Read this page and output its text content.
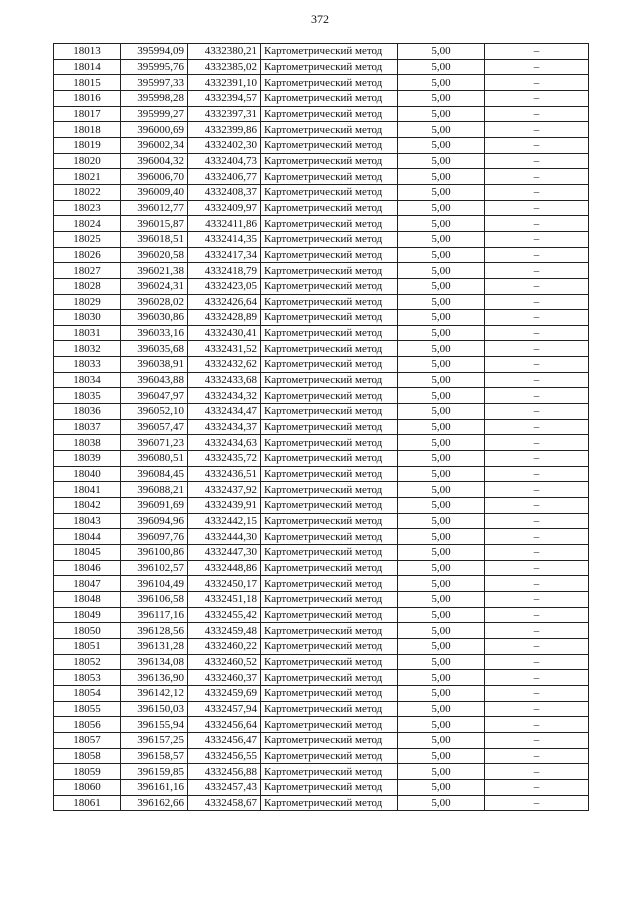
372
18013	395994,09	4332380,21	Картометрический метод	5,00	–
18014	395995,76	4332385,02	Картометрический метод	5,00	–
18015	395997,33	4332391,10	Картометрический метод	5,00	–
18016	395998,28	4332394,57	Картометрический метод	5,00	–
18017	395999,27	4332397,31	Картометрический метод	5,00	–
18018	396000,69	4332399,86	Картометрический метод	5,00	–
18019	396002,34	4332402,30	Картометрический метод	5,00	–
18020	396004,32	4332404,73	Картометрический метод	5,00	–
18021	396006,70	4332406,77	Картометрический метод	5,00	–
18022	396009,40	4332408,37	Картометрический метод	5,00	–
18023	396012,77	4332409,97	Картометрический метод	5,00	–
18024	396015,87	4332411,86	Картометрический метод	5,00	–
18025	396018,51	4332414,35	Картометрический метод	5,00	–
18026	396020,58	4332417,34	Картометрический метод	5,00	–
18027	396021,38	4332418,79	Картометрический метод	5,00	–
18028	396024,31	4332423,05	Картометрический метод	5,00	–
18029	396028,02	4332426,64	Картометрический метод	5,00	–
18030	396030,86	4332428,89	Картометрический метод	5,00	–
18031	396033,16	4332430,41	Картометрический метод	5,00	–
18032	396035,68	4332431,52	Картометрический метод	5,00	–
18033	396038,91	4332432,62	Картометрический метод	5,00	–
18034	396043,88	4332433,68	Картометрический метод	5,00	–
18035	396047,97	4332434,32	Картометрический метод	5,00	–
18036	396052,10	4332434,47	Картометрический метод	5,00	–
18037	396057,47	4332434,37	Картометрический метод	5,00	–
18038	396071,23	4332434,63	Картометрический метод	5,00	–
18039	396080,51	4332435,72	Картометрический метод	5,00	–
18040	396084,45	4332436,51	Картометрический метод	5,00	–
18041	396088,21	4332437,92	Картометрический метод	5,00	–
18042	396091,69	4332439,91	Картометрический метод	5,00	–
18043	396094,96	4332442,15	Картометрический метод	5,00	–
18044	396097,76	4332444,30	Картометрический метод	5,00	–
18045	396100,86	4332447,30	Картометрический метод	5,00	–
18046	396102,57	4332448,86	Картометрический метод	5,00	–
18047	396104,49	4332450,17	Картометрический метод	5,00	–
18048	396106,58	4332451,18	Картометрический метод	5,00	–
18049	396117,16	4332455,42	Картометрический метод	5,00	–
18050	396128,56	4332459,48	Картометрический метод	5,00	–
18051	396131,28	4332460,22	Картометрический метод	5,00	–
18052	396134,08	4332460,52	Картометрический метод	5,00	–
18053	396136,90	4332460,37	Картометрический метод	5,00	–
18054	396142,12	4332459,69	Картометрический метод	5,00	–
18055	396150,03	4332457,94	Картометрический метод	5,00	–
18056	396155,94	4332456,64	Картометрический метод	5,00	–
18057	396157,25	4332456,47	Картометрический метод	5,00	–
18058	396158,57	4332456,55	Картометрический метод	5,00	–
18059	396159,85	4332456,88	Картометрический метод	5,00	–
18060	396161,16	4332457,43	Картометрический метод	5,00	–
18061	396162,66	4332458,67	Картометрический метод	5,00	–
